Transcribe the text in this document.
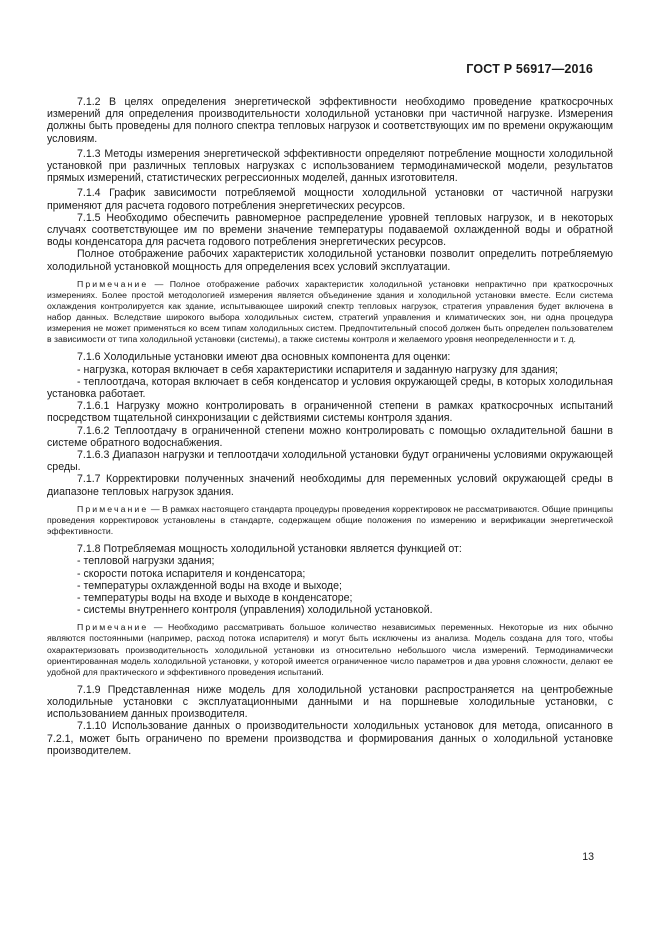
ГОСТ Р 56917—2016

7.1.2 В целях определения энергетической эффективности необходимо проведение краткосрочных измерений для определения производительности холодильной установки при частичной нагрузке. Измерения должны быть проведены для полного спектра тепловых нагрузок и соответствующих им по времени окружающим условиям.

7.1.3 Методы измерения энергетической эффективности определяют потребление мощности холодильной установкой при различных тепловых нагрузках с использованием термодинамической модели, результатов прямых измерений, статистических регрессионных моделей, данных изготовителя.

7.1.4 График зависимости потребляемой мощности холодильной установки от частичной нагрузки применяют для расчета годового потребления энергетических ресурсов.

7.1.5 Необходимо обеспечить равномерное распределение уровней тепловых нагрузок, и в некоторых случаях соответствующее им по времени значение температуры подаваемой охлажденной воды и обратной воды конденсатора для расчета годового потребления энергетических ресурсов.

Полное отображение рабочих характеристик холодильной установки позволит определить потребляемую холодильной установкой мощность для определения всех условий эксплуатации.

Примечание — Полное отображение рабочих характеристик холодильной установки непрактично при краткосрочных измерениях. Более простой методологией измерения является объединение здания и холодильной установки вместе. Если система охлаждения контролируется как здание, испытывающее широкий спектр тепловых нагрузок, стратегия управления будет включена в набор данных. Вследствие широкого выбора холодильных систем, стратегий управления и климатических зон, ни одна процедура измерения не может применяться ко всем типам холодильных систем. Предпочтительный способ должен быть определен пользователем в зависимости от типа холодильной установки (системы), а также системы контроля и желаемого уровня неопределенности и т. д.

7.1.6 Холодильные установки имеют два основных компонента для оценки:

- нагрузка, которая включает в себя характеристики испарителя и заданную нагрузку для здания;

- теплоотдача, которая включает в себя конденсатор и условия окружающей среды, в которых холодильная установка работает.

7.1.6.1 Нагрузку можно контролировать в ограниченной степени в рамках краткосрочных испытаний посредством тщательной синхронизации с действиями системы контроля здания.

7.1.6.2 Теплоотдачу в ограниченной степени можно контролировать с помощью охладительной башни в системе обратного водоснабжения.

7.1.6.3 Диапазон нагрузки и теплоотдачи холодильной установки будут ограничены условиями окружающей среды.

7.1.7 Корректировки полученных значений необходимы для переменных условий окружающей среды в диапазоне тепловых нагрузок здания.

Примечание — В рамках настоящего стандарта процедуры проведения корректировок не рассматриваются. Общие принципы проведения корректировок установлены в стандарте, содержащем общие положения по измерению и верификации энергетической эффективности.

7.1.8 Потребляемая мощность холодильной установки является функцией от:

- тепловой нагрузки здания;

- скорости потока испарителя и конденсатора;

- температуры охлажденной воды на входе и выходе;

- температуры воды на входе и выходе в конденсаторе;

- системы внутреннего контроля (управления) холодильной установкой.

Примечание — Необходимо рассматривать большое количество независимых переменных. Некоторые из них обычно являются постоянными (например, расход потока испарителя) и могут быть исключены из анализа. Модель создана для того, чтобы охарактеризовать производительность холодильной установки из относительно небольшого числа измерений. Термодинамически ориентированная модель холодильной установки, у которой имеется ограниченное число параметров и два уровня сложности, делают ее удобной для практического и эффективного проведения испытаний.

7.1.9 Представленная ниже модель для холодильной установки распространяется на центробежные холодильные установки с эксплуатационными данными и на поршневые холодильные установки, с использованием данных производителя.

7.1.10 Использование данных о производительности холодильных установок для метода, описанного в 7.2.1, может быть ограничено по времени производства и формирования данных о холодильной установке производителем.

13
